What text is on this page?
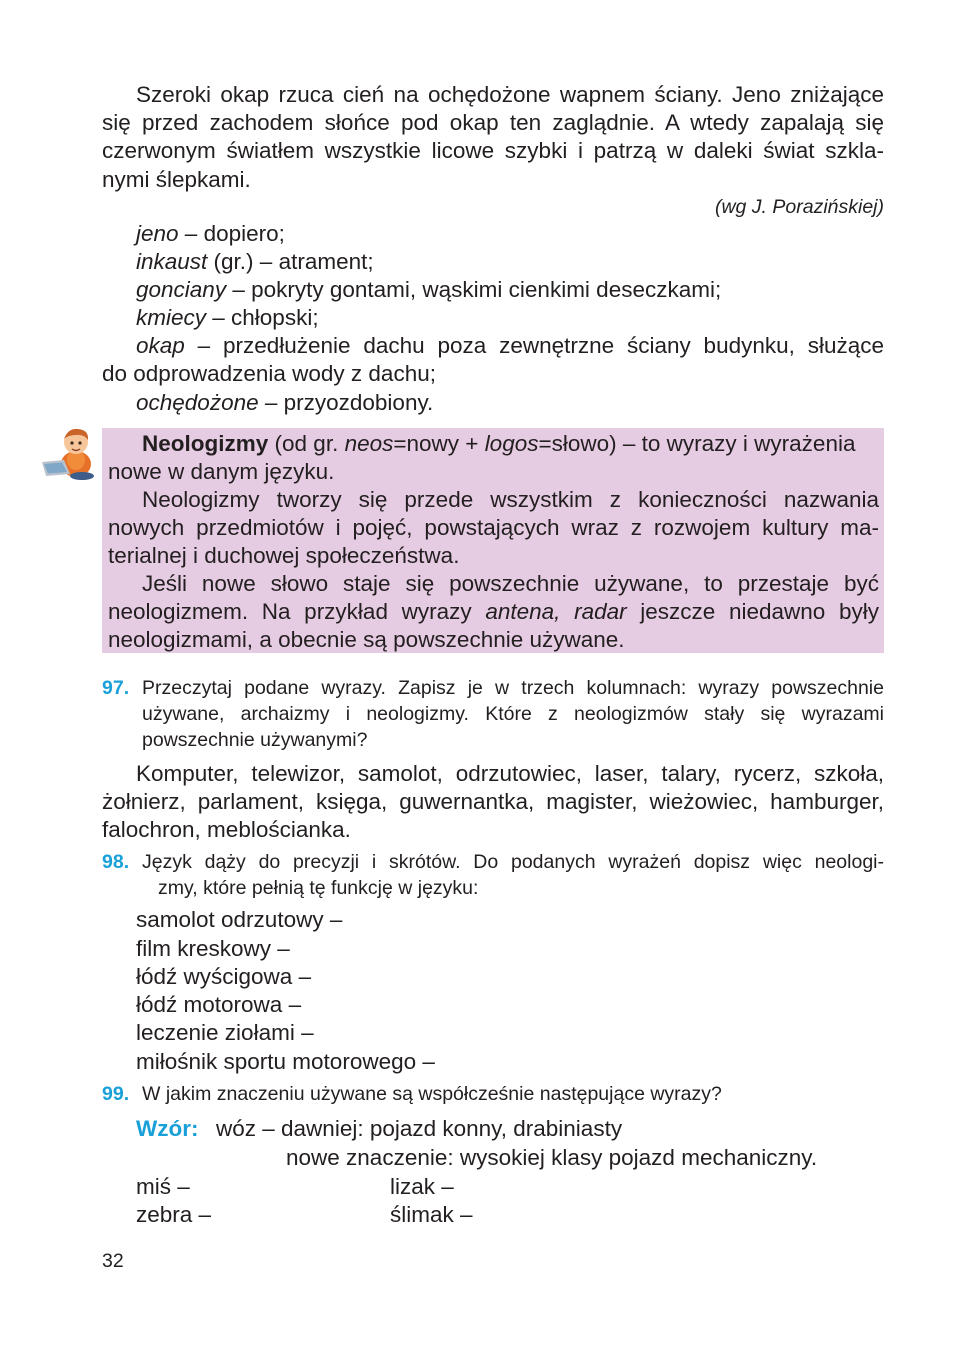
Szeroki okap rzuca cień na ochędożone wapnem ściany. Jeno zniżające
się przed zachodem słońce pod okap ten zaglądnie. A wtedy zapalają się
czerwonym światłem wszystkie licowe szybki i patrzą w daleki świat szkla-
nymi ślepkami.
(wg J. Porazińskiej)
jeno – dopiero;
inkaust (gr.) – atrament;
gonciany – pokryty gontami, wąskimi cienkimi deseczkami;
kmiecy – chłopski;
okap – przedłużenie dachu poza zewnętrzne ściany budynku, służące
do odprowadzenia wody z dachu;
ochędożone – przyozdobiony.
Neologizmy (od gr. neos=nowy + logos=słowo) – to wyrazy i wyrażenia
nowe w danym języku.
Neologizmy tworzy się przede wszystkim z konieczności nazwania
nowych przedmiotów i pojęć, powstających wraz z rozwojem kultury ma-
terialnej i duchowej społeczeństwa.
Jeśli nowe słowo staje się powszechnie używane, to przestaje być
neologizmem. Na przykład wyrazy antena, radar jeszcze niedawno były
neologizmami, a obecnie są powszechnie używane.
97. Przeczytaj podane wyrazy. Zapisz je w trzech kolumnach: wyrazy powszechnie
używane, archaizmy i neologizmy. Które z neologizmów stały się wyrazami
powszechnie używanymi?
Komputer, telewizor, samolot, odrzutowiec, laser, talary, rycerz, szkoła,
żołnierz, parlament, księga, guwernantka, magister, wieżowiec, hamburger,
falochron, meblościanka.
98. Język dąży do precyzji i skrótów. Do podanych wyrażeń dopisz więc neologi-
zmy, które pełnią tę funkcję w języku:
samolot odrzutowy –
film kreskowy –
łódź wyścigowa –
łódź motorowa –
leczenie ziołami –
miłośnik sportu motorowego –
99. W jakim znaczeniu używane są współcześnie następujące wyrazy?
Wzór: wóz – dawniej: pojazd konny, drabiniasty
nowe znaczenie: wysokiej klasy pojazd mechaniczny.
miś –	lizak –
zebra –	ślimak –
32
